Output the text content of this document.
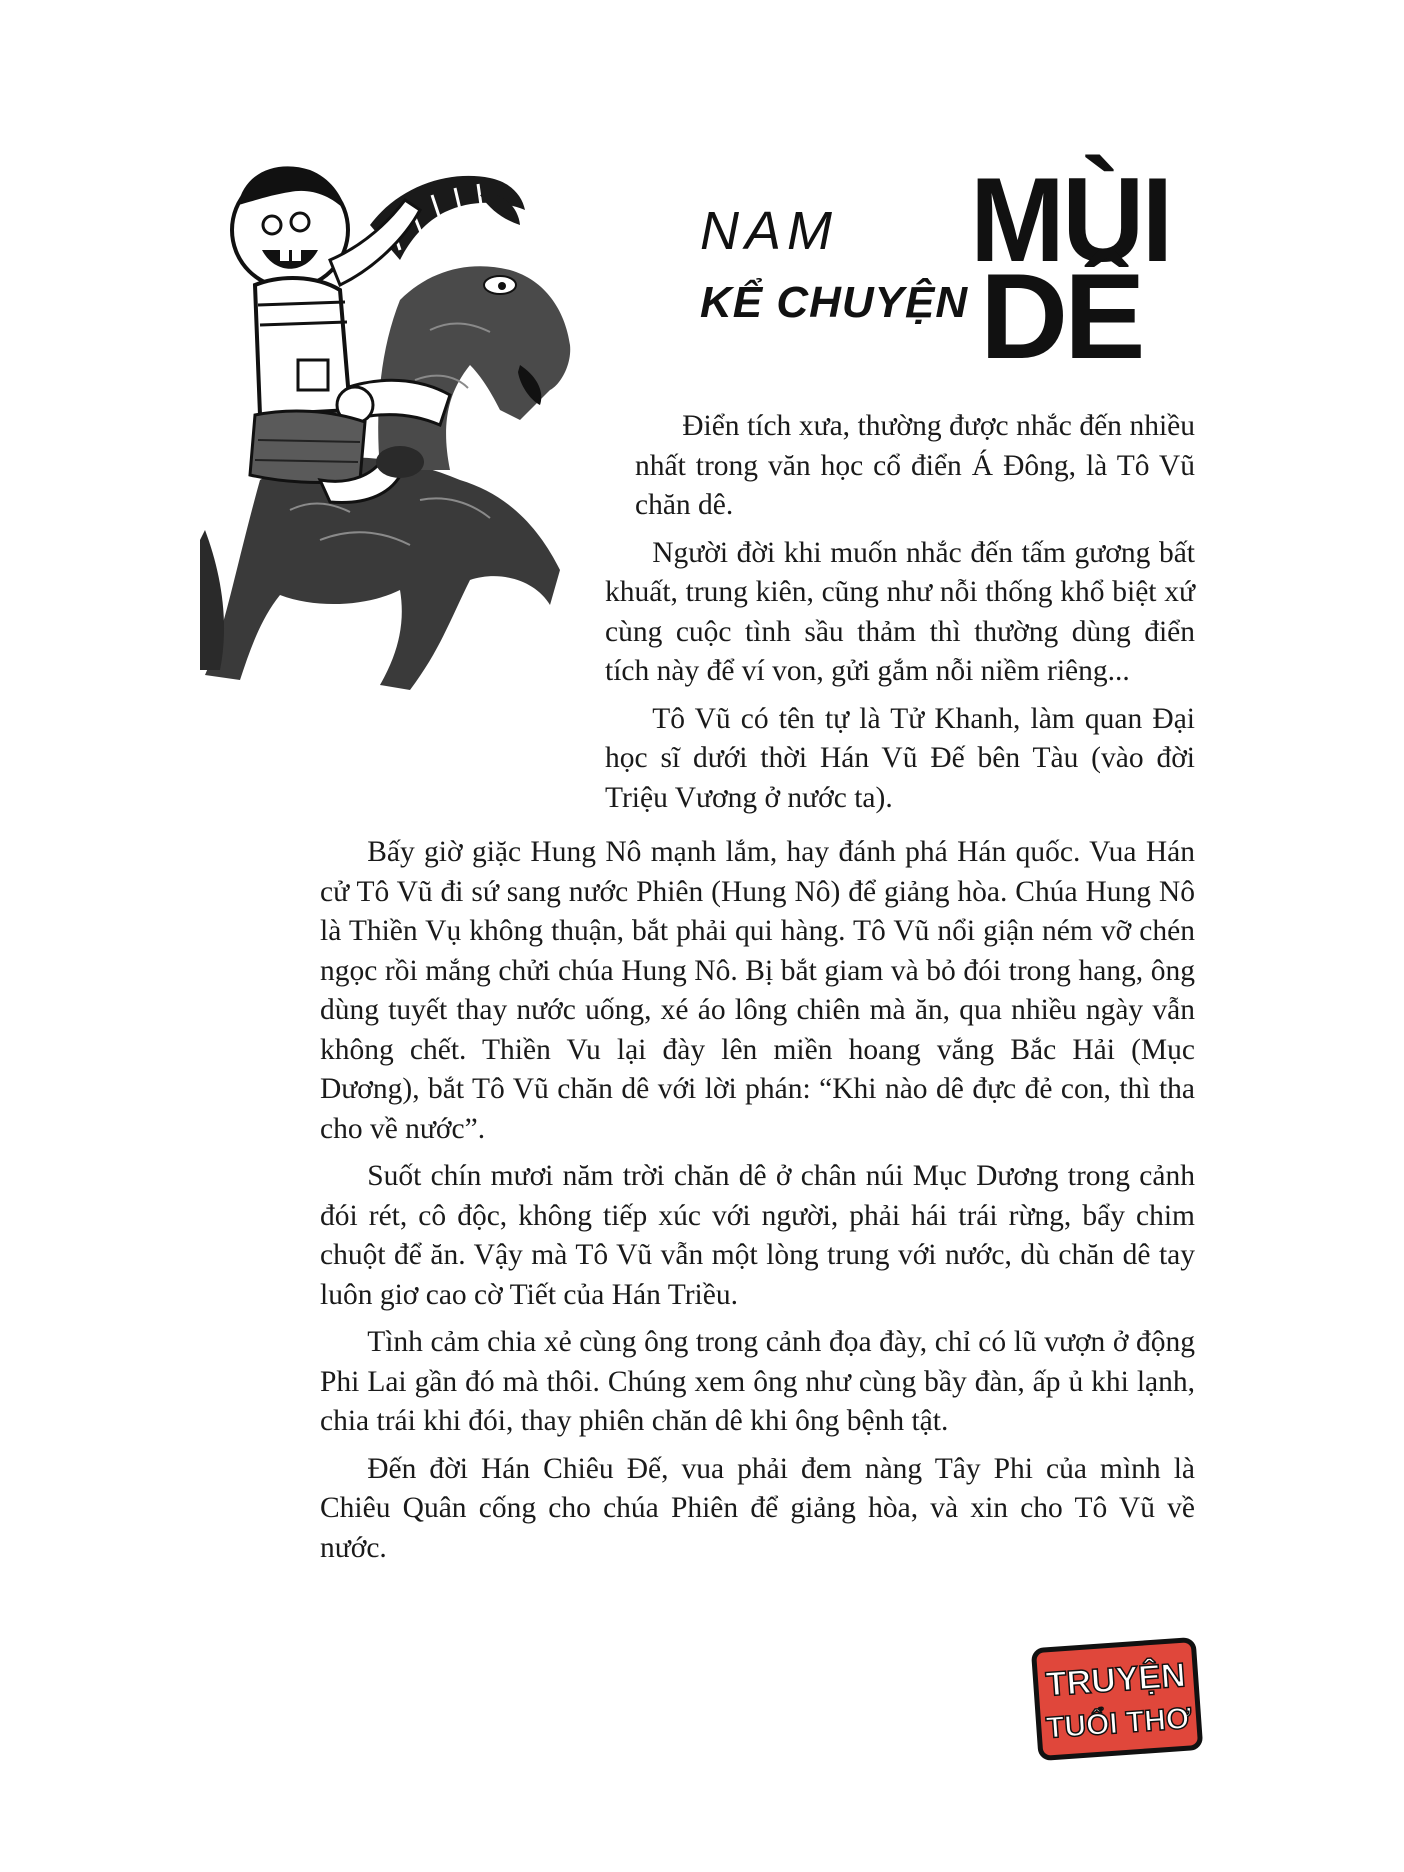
NAM
KỂ CHUYỆN
MÙI
DÊ

Điển tích xưa, thường được nhắc đến nhiều nhất trong văn học cổ điển Á Đông, là Tô Vũ chăn dê.

Người đời khi muốn nhắc đến tấm gương bất khuất, trung kiên, cũng như nỗi thống khổ biệt xứ cùng cuộc tình sầu thảm thì thường dùng điển tích này để ví von, gửi gắm nỗi niềm riêng...

Tô Vũ có tên tự là Tử Khanh, làm quan Đại học sĩ dưới thời Hán Vũ Đế bên Tàu (vào đời Triệu Vương ở nước ta).

Bấy giờ giặc Hung Nô mạnh lắm, hay đánh phá Hán quốc. Vua Hán cử Tô Vũ đi sứ sang nước Phiên (Hung Nô) để giảng hòa. Chúa Hung Nô là Thiền Vụ không thuận, bắt phải qui hàng. Tô Vũ nổi giận ném vỡ chén ngọc rồi mắng chửi chúa Hung Nô. Bị bắt giam và bỏ đói trong hang, ông dùng tuyết thay nước uống, xé áo lông chiên mà ăn, qua nhiều ngày vẫn không chết. Thiền Vu lại đày lên miền hoang vắng Bắc Hải (Mục Dương), bắt Tô Vũ chăn dê với lời phán: “Khi nào dê đực đẻ con, thì tha cho về nước”.

Suốt chín mươi năm trời chăn dê ở chân núi Mục Dương trong cảnh đói rét, cô độc, không tiếp xúc với người, phải hái trái rừng, bẩy chim chuột để ăn. Vậy mà Tô Vũ vẫn một lòng trung với nước, dù chăn dê tay luôn giơ cao cờ Tiết của Hán Triều.

Tình cảm chia xẻ cùng ông trong cảnh đọa đày, chỉ có lũ vượn ở động Phi Lai gần đó mà thôi. Chúng xem ông như cùng bầy đàn, ấp ủ khi lạnh, chia trái khi đói, thay phiên chăn dê khi ông bệnh tật.

Đến đời Hán Chiêu Đế, vua phải đem nàng Tây Phi của mình là Chiêu Quân cống cho chúa Phiên để giảng hòa, và xin cho Tô Vũ về nước.

TRUYỆN
TUỔI THƠ
